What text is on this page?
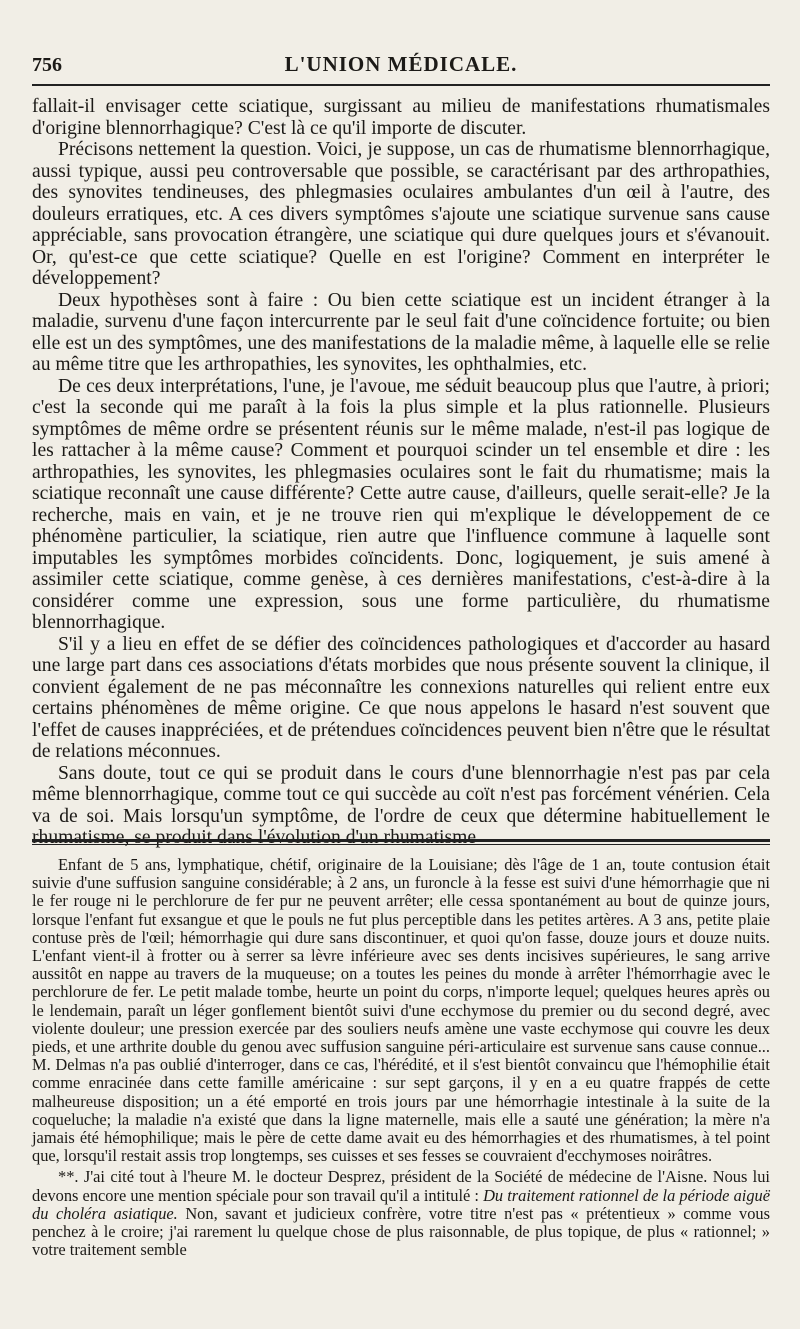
756	L'UNION MÉDICALE.

fallait-il envisager cette sciatique, surgissant au milieu de manifestations rhumatismales d'origine blennorrhagique? C'est là ce qu'il importe de discuter.

Précisons nettement la question. Voici, je suppose, un cas de rhumatisme blennorrhagique, aussi typique, aussi peu controversable que possible, se caractérisant par des arthropathies, des synovites tendineuses, des phlegmasies oculaires ambulantes d'un œil à l'autre, des douleurs erratiques, etc. A ces divers symptômes s'ajoute une sciatique survenue sans cause appréciable, sans provocation étrangère, une sciatique qui dure quelques jours et s'évanouit. Or, qu'est-ce que cette sciatique? Quelle en est l'origine? Comment en interpréter le développement?

Deux hypothèses sont à faire : Ou bien cette sciatique est un incident étranger à la maladie, survenu d'une façon intercurrente par le seul fait d'une coïncidence fortuite; ou bien elle est un des symptômes, une des manifestations de la maladie même, à laquelle elle se relie au même titre que les arthropathies, les synovites, les ophthalmies, etc.

De ces deux interprétations, l'une, je l'avoue, me séduit beaucoup plus que l'autre, à priori; c'est la seconde qui me paraît à la fois la plus simple et la plus rationnelle. Plusieurs symptômes de même ordre se présentent réunis sur le même malade, n'est-il pas logique de les rattacher à la même cause? Comment et pourquoi scinder un tel ensemble et dire : les arthropathies, les synovites, les phlegmasies oculaires sont le fait du rhumatisme; mais la sciatique reconnaît une cause différente? Cette autre cause, d'ailleurs, quelle serait-elle? Je la recherche, mais en vain, et je ne trouve rien qui m'explique le développement de ce phénomène particulier, la sciatique, rien autre que l'influence commune à laquelle sont imputables les symptômes morbides coïncidents. Donc, logiquement, je suis amené à assimiler cette sciatique, comme genèse, à ces dernières manifestations, c'est-à-dire à la considérer comme une expression, sous une forme particulière, du rhumatisme blennorrhagique.

S'il y a lieu en effet de se défier des coïncidences pathologiques et d'accorder au hasard une large part dans ces associations d'états morbides que nous présente souvent la clinique, il convient également de ne pas méconnaître les connexions naturelles qui relient entre eux certains phénomènes de même origine. Ce que nous appelons le hasard n'est souvent que l'effet de causes inappréciées, et de prétendues coïncidences peuvent bien n'être que le résultat de relations méconnues.

Sans doute, tout ce qui se produit dans le cours d'une blennorrhagie n'est pas par cela même blennorrhagique, comme tout ce qui succède au coït n'est pas forcément vénérien. Cela va de soi. Mais lorsqu'un symptôme, de l'ordre de ceux que détermine habituellement le rhumatisme, se produit dans l'évolution d'un rhumatisme

Enfant de 5 ans, lymphatique, chétif, originaire de la Louisiane; dès l'âge de 1 an, toute contusion était suivie d'une suffusion sanguine considérable; à 2 ans, un furoncle à la fesse est suivi d'une hémorrhagie que ni le fer rouge ni le perchlorure de fer pur ne peuvent arrêter; elle cessa spontanément au bout de quinze jours, lorsque l'enfant fut exsangue et que le pouls ne fut plus perceptible dans les petites artères. A 3 ans, petite plaie contuse près de l'œil; hémorrhagie qui dure sans discontinuer, et quoi qu'on fasse, douze jours et douze nuits. L'enfant vient-il à frotter ou à serrer sa lèvre inférieure avec ses dents incisives supérieures, le sang arrive aussitôt en nappe au travers de la muqueuse; on a toutes les peines du monde à arrêter l'hémorrhagie avec le perchlorure de fer. Le petit malade tombe, heurte un point du corps, n'importe lequel; quelques heures après ou le lendemain, paraît un léger gonflement bientôt suivi d'une ecchymose du premier ou du second degré, avec violente douleur; une pression exercée par des souliers neufs amène une vaste ecchymose qui couvre les deux pieds, et une arthrite double du genou avec suffusion sanguine péri-articulaire est survenue sans cause connue... M. Delmas n'a pas oublié d'interroger, dans ce cas, l'hérédité, et il s'est bientôt convaincu que l'hémophilie était comme enracinée dans cette famille américaine : sur sept garçons, il y en a eu quatre frappés de cette malheureuse disposition; un a été emporté en trois jours par une hémorrhagie intestinale à la suite de la coqueluche; la maladie n'a existé que dans la ligne maternelle, mais elle a sauté une génération; la mère n'a jamais été hémophilique; mais le père de cette dame avait eu des hémorrhagies et des rhumatismes, à tel point que, lorsqu'il restait assis trop longtemps, ses cuisses et ses fesses se couvraient d'ecchymoses noirâtres.

**. J'ai cité tout à l'heure M. le docteur Desprez, président de la Société de médecine de l'Aisne. Nous lui devons encore une mention spéciale pour son travail qu'il a intitulé : Du traitement rationnel de la période aiguë du choléra asiatique. Non, savant et judicieux confrère, votre titre n'est pas « prétentieux » comme vous penchez à le croire; j'ai rarement lu quelque chose de plus raisonnable, de plus topique, de plus « rationnel; » votre traitement semble
